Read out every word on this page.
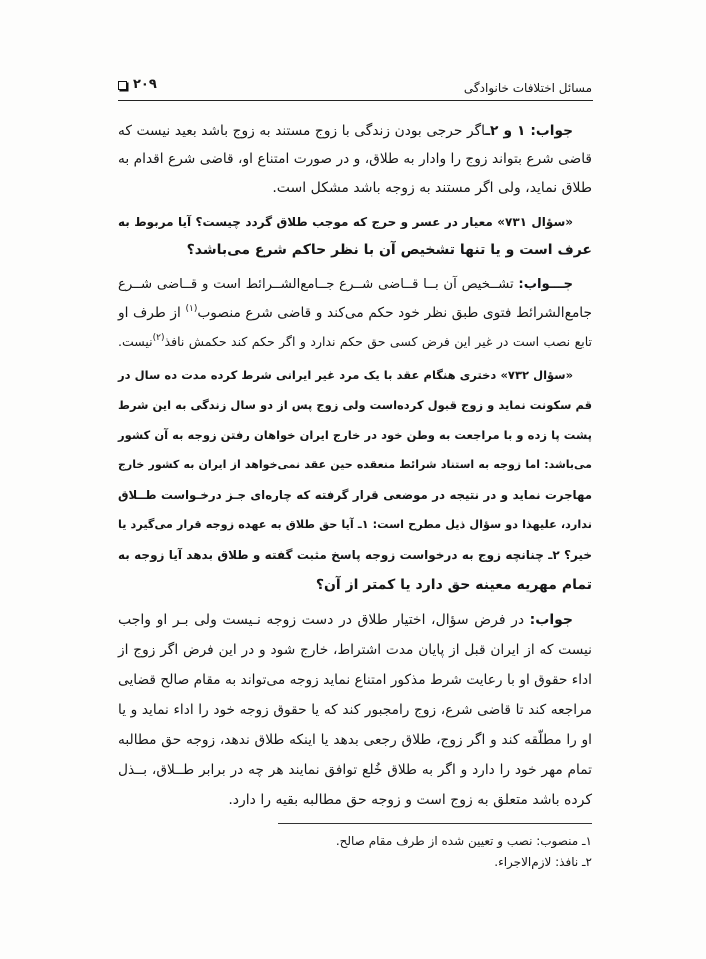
مسائل اختلافات خانوادگی
۲۰۹
جواب: ۱ و ۲ـاگر حرجی بودن زندگی با زوج مستند به زوج باشد بعید نیست که
قاضی شرع بتواند زوج را وادار به طلاق، و در صورت امتناع او، قاضی شرع اقدام به
طلاق نماید، ولی اگر مستند به زوجه باشد مشکل است.
«سؤال ۷۳۱» معیار در عسر و حرج که موجب طلاق گردد چیست؟ آیا مربوط به
عرف است و یا تنها تشخیص آن با نظر حاکم شرع می‌باشد؟
جـــواب: تشــخیص آن بــا قــاضی شــرع جــامع‌الشــرائط است و قــاضی شــرع
جامع‌الشرائط فتوی طبق نظر خود حکم می‌کند و قاضی شرع منصوب$^{(۱)}$ از طرف او
تابع نصب است در غیر این فرض کسی حق حکم ندارد و اگر حکم کند حکمش نافذ$^{(۲)}$نیست.
«سؤال ۷۳۲» دختری هنگام عقد با یک مرد غیر ایرانی شرط کرده مدت ده سال در
قم سکونت نماید و زوج قبول کرده‌است ولی زوج پس از دو سال زندگی به این شرط
پشت پا زده و با مراجعت به وطن خود در خارج ایران خواهان رفتن زوجه به آن کشور
می‌باشد: اما زوجه به استناد شرائط منعقده حین عقد نمی‌خواهد از ایران به کشور خارج
مهاجرت نماید و در نتیجه در موضعی قرار گرفته که چاره‌ای جـز درخـواست طــلاق
ندارد، علیهذا دو سؤال ذیل مطرح است: ۱ـ آیا حق طلاق به عهده زوجه قرار می‌گیرد یا
خیر؟ ۲ـ چنانچه زوج به درخواست زوجه پاسخ مثبت گفته و طلاق بدهد آیا زوجه به
تمام مهریه معینه حق دارد یا کمتر از آن؟
جواب: در فرض سؤال، اختیار طلاق در دست زوجه نـیست ولی بـر او واجب
نیست که از ایران قبل از پایان مدت اشتراط، خارج شود و در این فرض اگر زوج از
اداء حقوق او با رعایت شرط مذکور امتناع نماید زوجه می‌تواند به مقام صالح قضایی
مراجعه کند تا قاضی شرع، زوج رامجبور کند که یا حقوق زوجه خود را اداء نماید و یا
او را مطلّقه کند و اگر زوج، طلاق رجعی بدهد یا اینکه طلاق ندهد، زوجه حق مطالبه
تمام مهر خود را دارد و اگر به طلاق خُلع توافق نمایند هر چه در برابر طــلاق، بــذل
کرده باشد متعلق به زوج است و زوجه حق مطالبه بقیه را دارد.
۱ـ منصوب: نصب و تعیین شده از طرف مقام صالح.
۲ـ نافذ: لازم‌الاجراء.
